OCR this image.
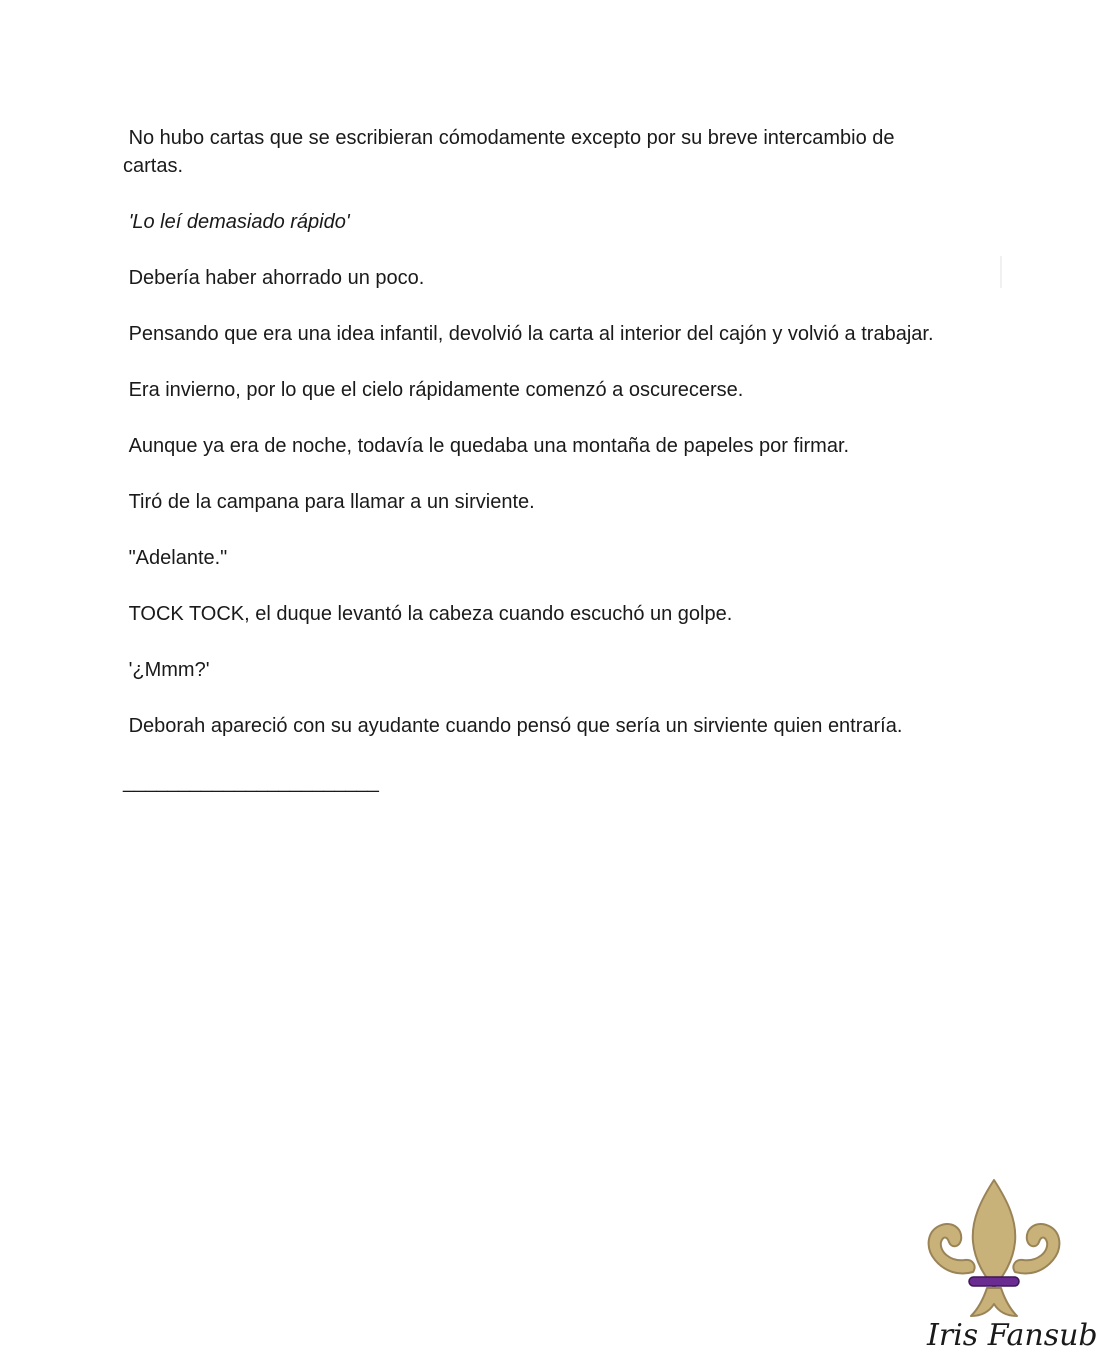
No hubo cartas que se escribieran cómodamente excepto por su breve intercambio de cartas.

'Lo leí demasiado rápido'

Debería haber ahorrado un poco.

Pensando que era una idea infantil, devolvió la carta al interior del cajón y volvió a trabajar.

Era invierno, por lo que el cielo rápidamente comenzó a oscurecerse.

Aunque ya era de noche, todavía le quedaba una montaña de papeles por firmar.

Tiró de la campana para llamar a un sirviente.

"Adelante."

TOCK TOCK, el duque levantó la cabeza cuando escuchó un golpe.

'¿Mmm?'

Deborah apareció con su ayudante cuando pensó que sería un sirviente quien entraría.

_______________________

Iris Fansub
